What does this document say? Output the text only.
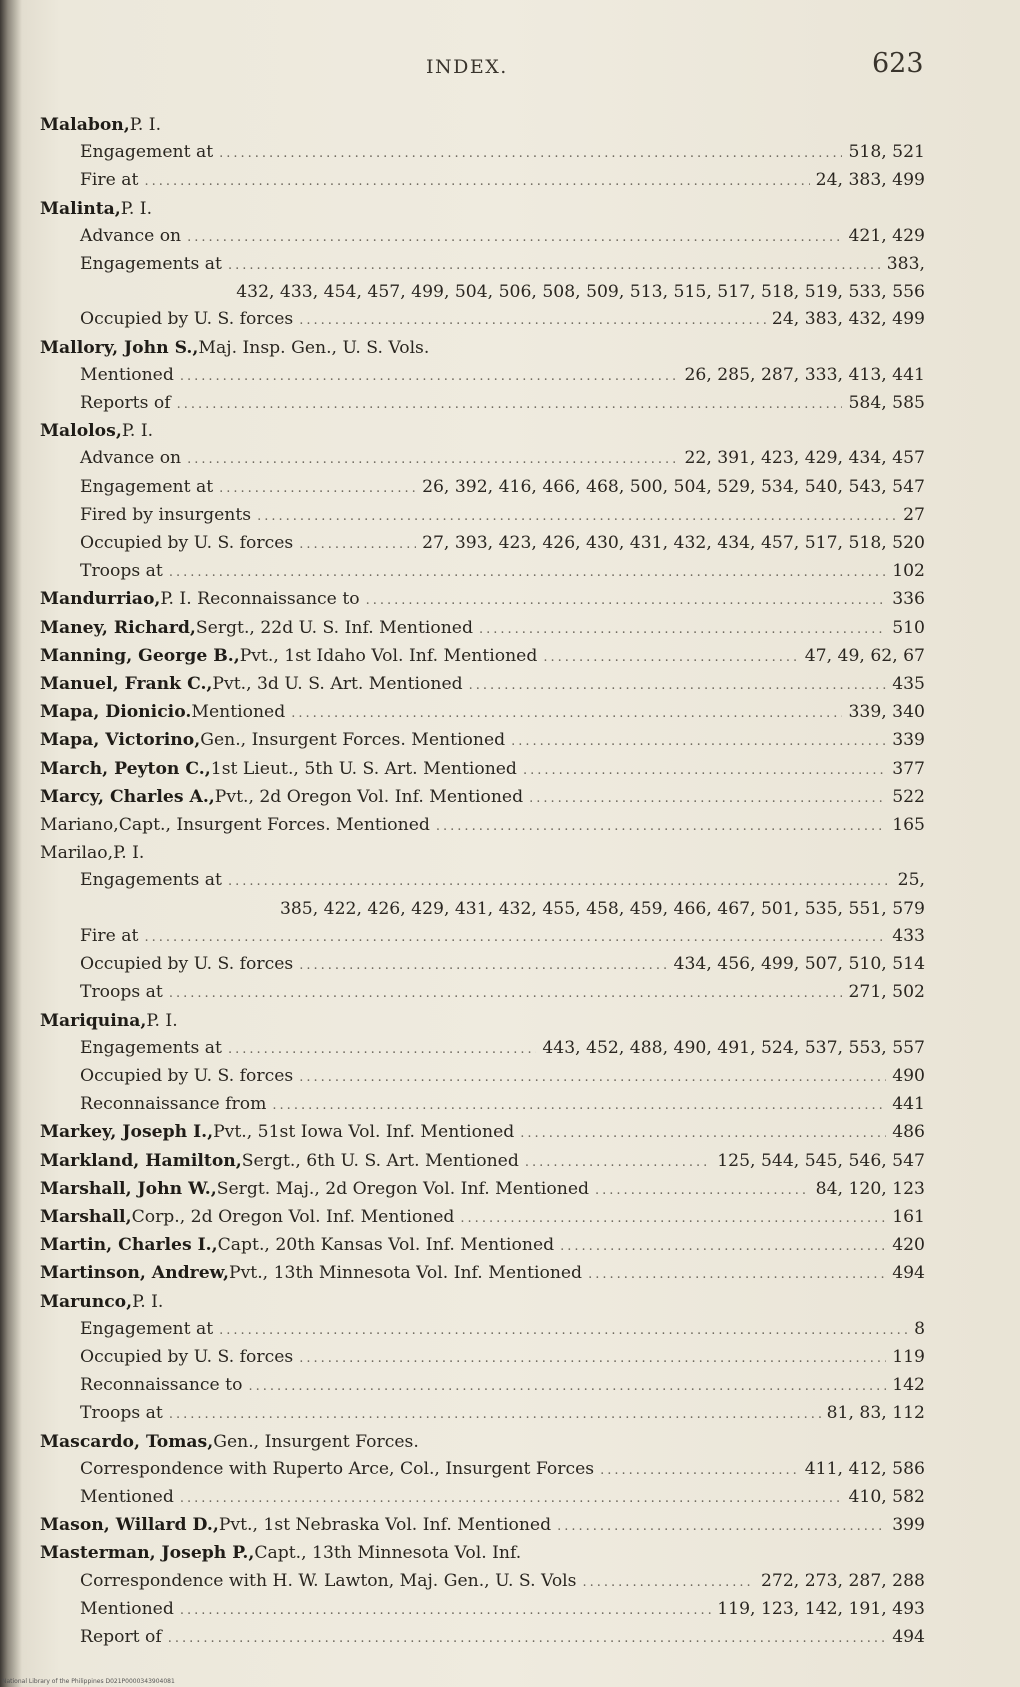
INDEX.	623
Malabon, P. I.
Engagement at .....	518, 521
Fire at .....	24, 383, 499
Malinta, P. I.
Advance on .....	421, 429
Engagements at .....	383,
432, 433, 454, 457, 499, 504, 506, 508, 509, 513, 515, 517, 518, 519, 533, 556
Occupied by U. S. forces .....	24, 383, 432, 499
Mallory, John S., Maj. Insp. Gen., U. S. Vols.
Mentioned .....	26, 285, 287, 333, 413, 441
Reports of .....	584, 585
Malolos, P. I.
Advance on .....	22, 391, 423, 429, 434, 457
Engagement at .....	26, 392, 416, 466, 468, 500, 504, 529, 534, 540, 543, 547
Fired by insurgents .....	27
Occupied by U. S. forces .....	27, 393, 423, 426, 430, 431, 432, 434, 457, 517, 518, 520
Troops at .....	102
Mandurriao, P. I. Reconnaissance to .....	336
Maney, Richard, Sergt., 22d U. S. Inf. Mentioned .....	510
Manning, George B., Pvt., 1st Idaho Vol. Inf. Mentioned .....	47, 49, 62, 67
Manuel, Frank C., Pvt., 3d U. S. Art. Mentioned .....	435
Mapa, Dionicio. Mentioned .....	339, 340
Mapa, Victorino, Gen., Insurgent Forces. Mentioned .....	339
March, Peyton C., 1st Lieut., 5th U. S. Art. Mentioned .....	377
Marcy, Charles A., Pvt., 2d Oregon Vol. Inf. Mentioned .....	522
Mariano, Capt., Insurgent Forces. Mentioned .....	165
Marilao, P. I.
Engagements at .....	25,
385, 422, 426, 429, 431, 432, 455, 458, 459, 466, 467, 501, 535, 551, 579
Fire at .....	433
Occupied by U. S. forces .....	434, 456, 499, 507, 510, 514
Troops at .....	271, 502
Mariquina, P. I.
Engagements at .....	443, 452, 488, 490, 491, 524, 537, 553, 557
Occupied by U. S. forces .....	490
Reconnaissance from .....	441
Markey, Joseph I., Pvt., 51st Iowa Vol. Inf. Mentioned .....	486
Markland, Hamilton, Sergt., 6th U. S. Art. Mentioned .....	125, 544, 545, 546, 547
Marshall, John W., Sergt. Maj., 2d Oregon Vol. Inf. Mentioned .....	84, 120, 123
Marshall, Corp., 2d Oregon Vol. Inf. Mentioned .....	161
Martin, Charles I., Capt., 20th Kansas Vol. Inf. Mentioned .....	420
Martinson, Andrew, Pvt., 13th Minnesota Vol. Inf. Mentioned .....	494
Marunco, P. I.
Engagement at .....	8
Occupied by U. S. forces .....	119
Reconnaissance to .....	142
Troops at .....	81, 83, 112
Mascardo, Tomas, Gen., Insurgent Forces.
Correspondence with Ruperto Arce, Col., Insurgent Forces .....	411, 412, 586
Mentioned .....	410, 582
Mason, Willard D., Pvt., 1st Nebraska Vol. Inf. Mentioned .....	399
Masterman, Joseph P., Capt., 13th Minnesota Vol. Inf.
Correspondence with H. W. Lawton, Maj. Gen., U. S. Vols .....	272, 273, 287, 288
Mentioned .....	119, 123, 142, 191, 493
Report of .....	494
National Library of the Philippines D021P0000343904081
